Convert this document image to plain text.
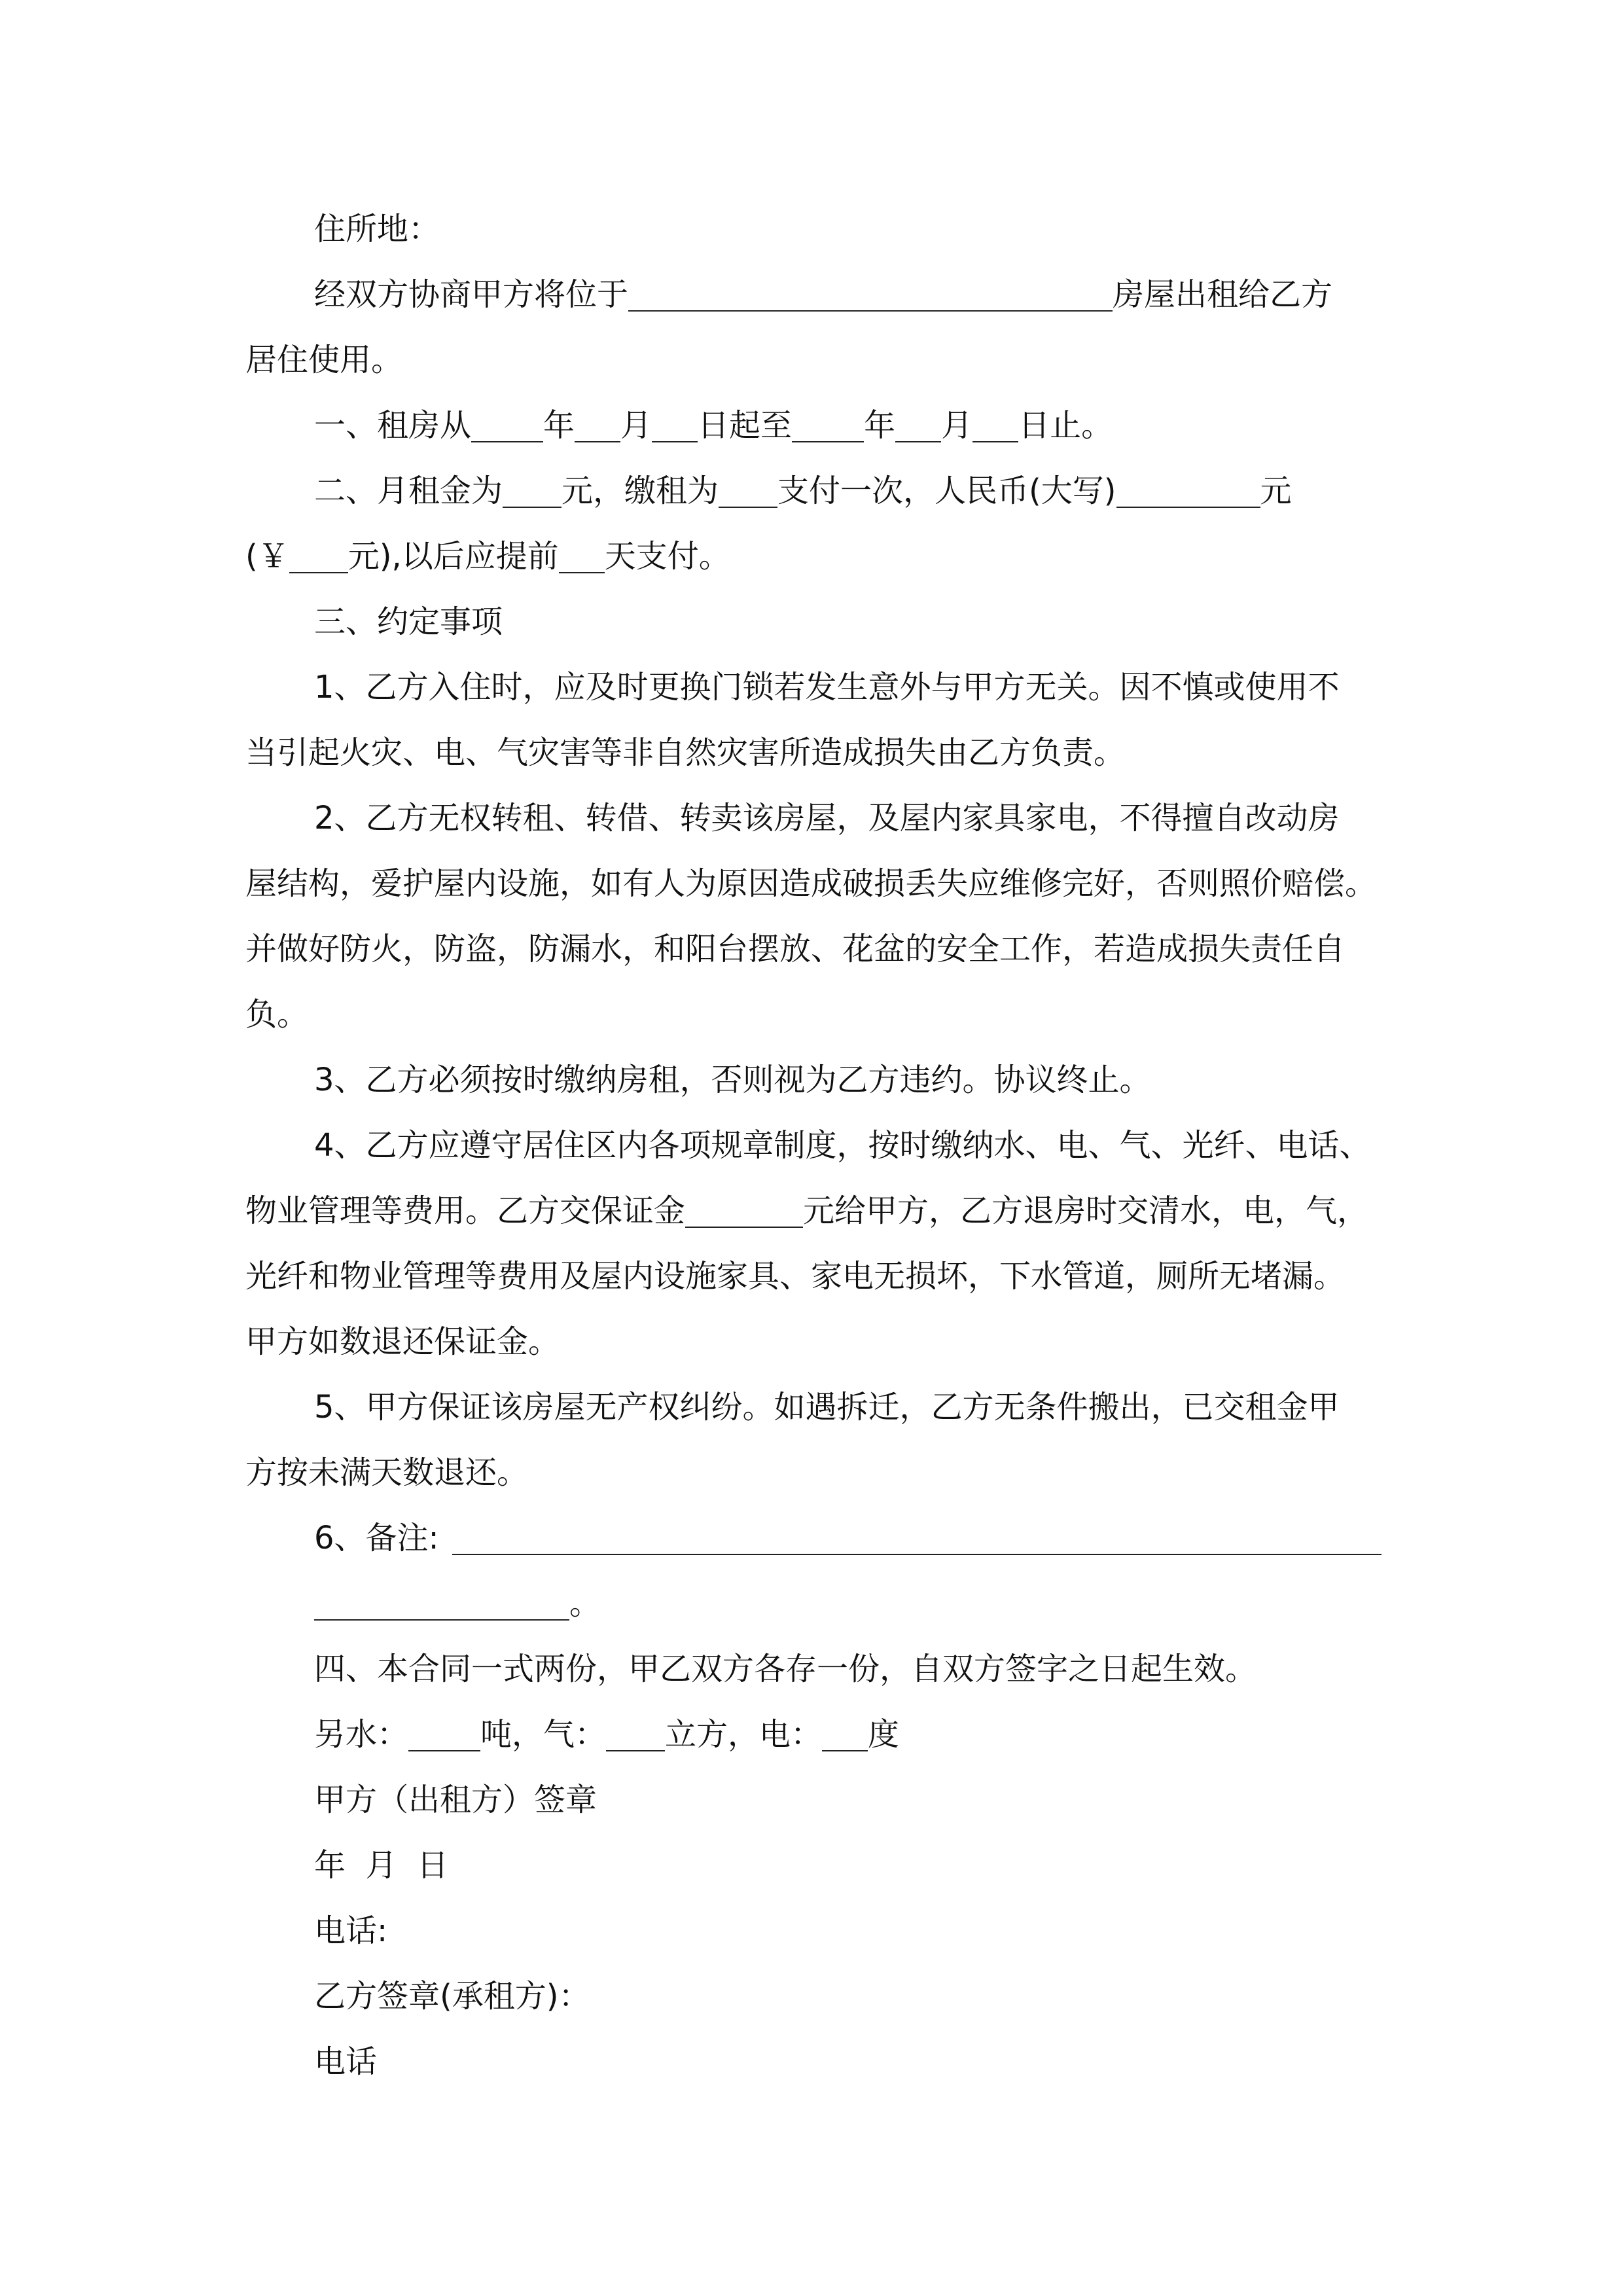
住所地：
经双方协商甲方将位于	房屋出租给乙方
居住使用。
一、租房从 年 月 日起至 年 月 日止。
二、月租金为 元，缴租为 支付一次，人民币(大写)	元
(￥ 元),以后应提前 天支付。
三、约定事项
1、乙方入住时，应及时更换门锁若发生意外与甲方无关。因不慎或使用不
当引起火灾、电、气灾害等非自然灾害所造成损失由乙方负责。
2、乙方无权转租、转借、转卖该房屋，及屋内家具家电，不得擅自改动房
屋结构，爱护屋内设施，如有人为原因造成破损丢失应维修完好，否则照价赔偿。
并做好防火，防盗，防漏水，和阳台摆放、花盆的安全工作，若造成损失责任自
负。
3、乙方必须按时缴纳房租，否则视为乙方违约。协议终止。
4、乙方应遵守居住区内各项规章制度，按时缴纳水、电、气、光纤、电话、
物业管理等费用。乙方交保证金	元给甲方，乙方退房时交清水，电，气，
光纤和物业管理等费用及屋内设施家具、家电无损坏，下水管道，厕所无堵漏。
甲方如数退还保证金。
5、甲方保证该房屋无产权纠纷。如遇拆迁，乙方无条件搬出，已交租金甲
方按未满天数退还。
6、备注:
。
四、本合同一式两份，甲乙双方各存一份，自双方签字之日起生效。
另水： 吨，气： 立方，电： 度
甲方（出租方）签章
年  月  日
电话:
乙方签章(承租方)：
电话
